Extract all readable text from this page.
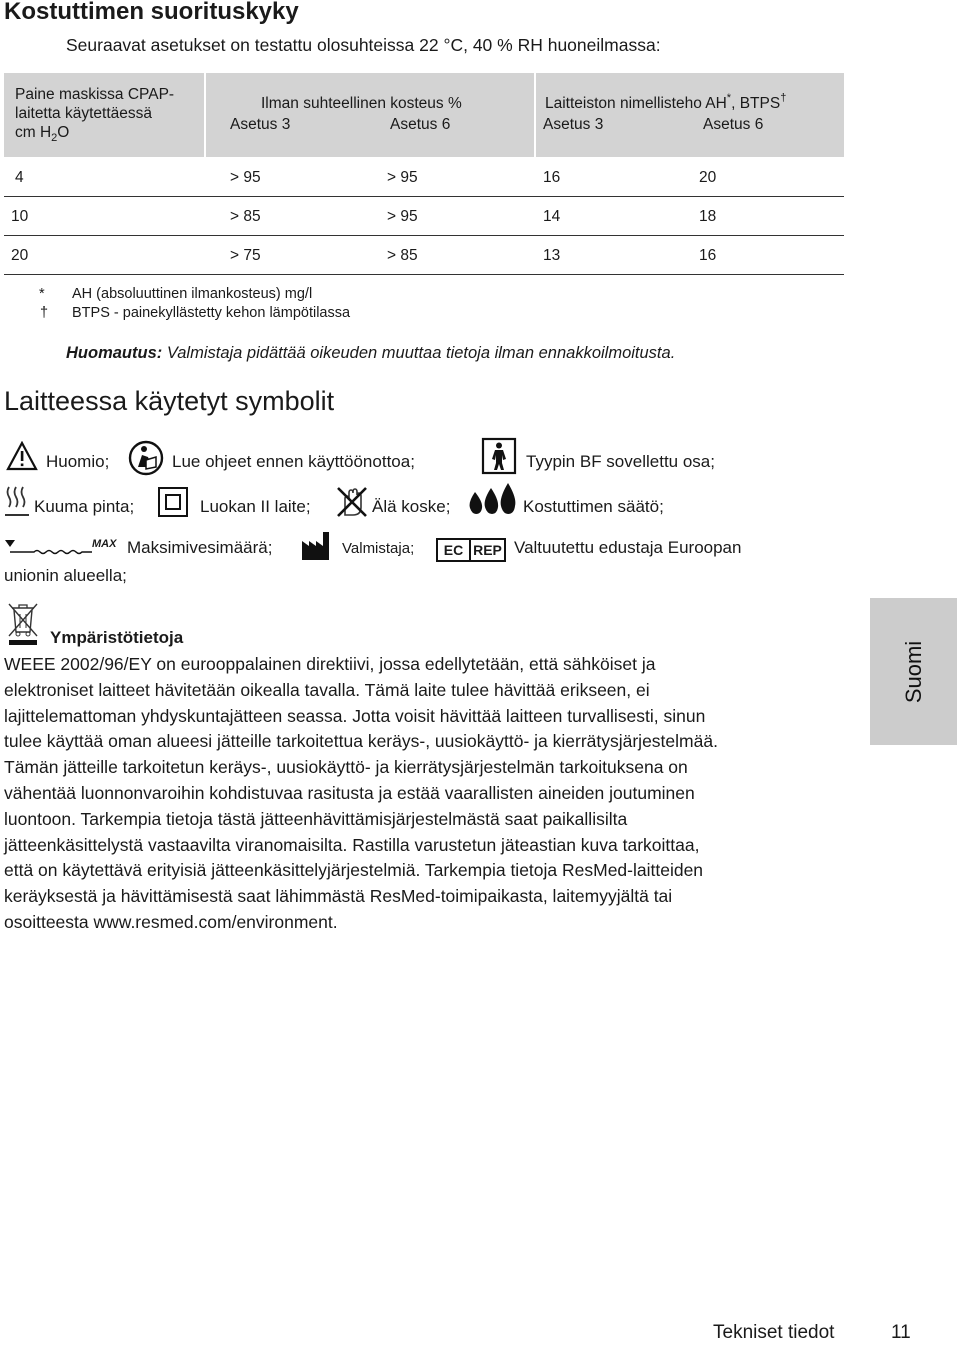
Kostuttimen suorituskyky
Seuraavat asetukset on testattu olosuhteissa 22 °C, 40 % RH huoneilmassa:
Paine maskissa CPAP-
laitetta käytettäessä
cm $H_2O$
Ilman suhteellinen kosteus %
Asetus 3	Asetus 6
Laitteiston nimellisteho AH*, BTPS†
Asetus 3	Asetus 6
4	> 95	> 95	16	20
10	> 85	> 95	14	18
20	> 75	> 85	13	16
* AH (absoluuttinen ilmankosteus) mg/l
† BTPS - painekyllästetty kehon lämpötilassa
Huomautus: Valmistaja pidättää oikeuden muuttaa tietoja ilman ennakkoilmoitusta.
Laitteessa käytetyt symbolit
Huomio;	Lue ohjeet ennen käyttöönottoa;	Tyypin BF sovellettu osa;
Kuuma pinta;	Luokan II laite;	Älä koske;	Kostuttimen säätö;
MAX Maksimivesimäärä;	Valmistaja;	EC REP Valtuutettu edustaja Euroopan
unionin alueella;
Ympäristötietoja
WEEE 2002/96/EY on eurooppalainen direktiivi, jossa edellytetään, että sähköiset ja
elektroniset laitteet hävitetään oikealla tavalla. Tämä laite tulee hävittää erikseen, ei
lajittelemattoman yhdyskuntajätteen seassa. Jotta voisit hävittää laitteen turvallisesti, sinun
tulee käyttää oman alueesi jätteille tarkoitettua keräys-, uusiokäyttö- ja kierrätysjärjestelmää.
Tämän jätteille tarkoitetun keräys-, uusiokäyttö- ja kierrätysjärjestelmän tarkoituksena on
vähentää luonnonvaroihin kohdistuvaa rasitusta ja estää vaarallisten aineiden joutuminen
luontoon. Tarkempia tietoja tästä jätteenhävittämisjärjestelmästä saat paikallisilta
jätteenkäsittelystä vastaavilta viranomaisilta. Rastilla varustetun jäteastian kuva tarkoittaa,
että on käytettävä erityisiä jätteenkäsittelyjärjestelmiä. Tarkempia tietoja ResMed-laitteiden
keräyksestä ja hävittämisestä saat lähimmästä ResMed-toimipaikasta, laitemyyjältä tai
osoitteesta www.resmed.com/environment.
Suomi
Tekniset tiedot	11
